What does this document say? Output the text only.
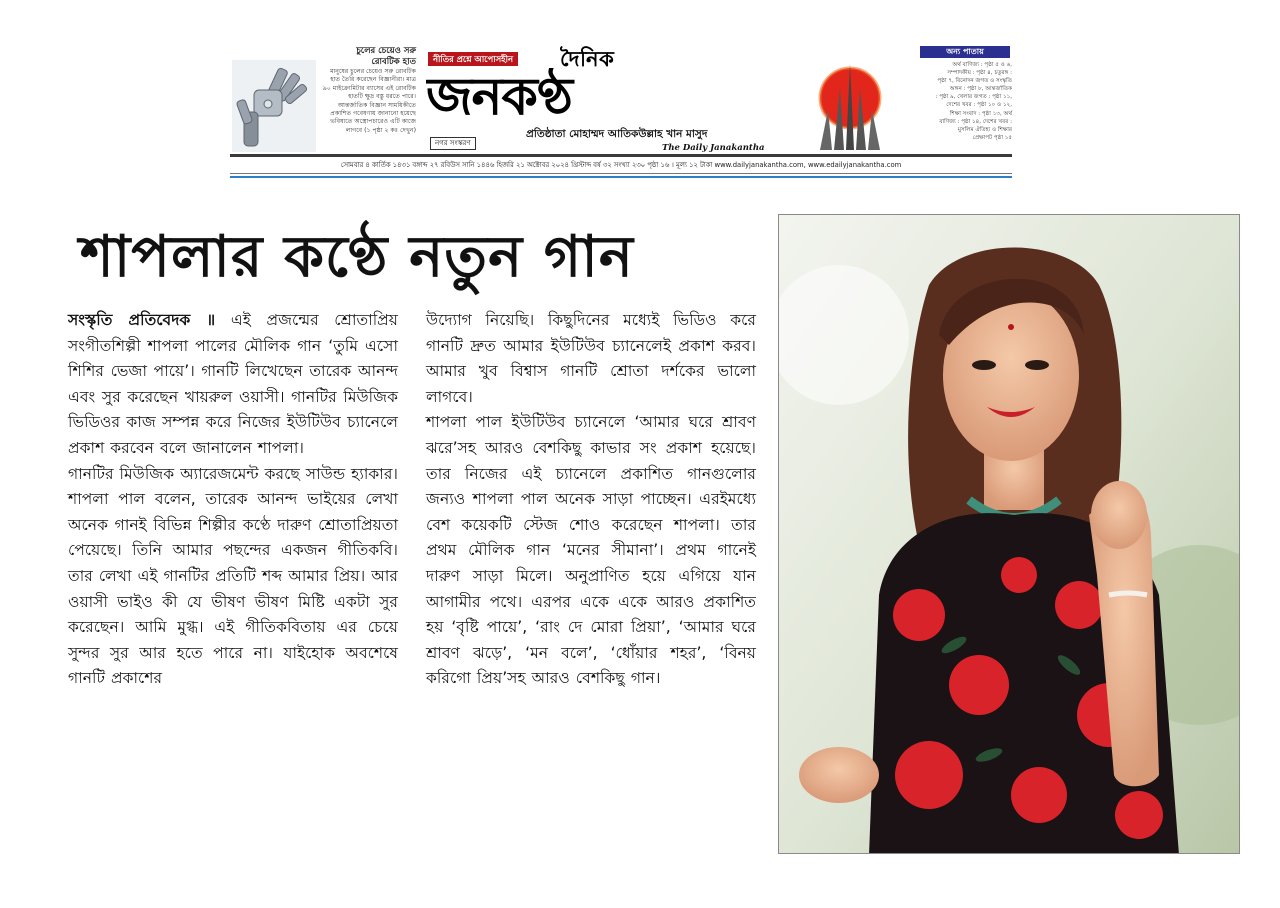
চুলের চেয়েও সরু
রোবটিক হাত
মানুষের চুলের চেয়েও সরু রোবটিক হাত তৈরি করেছেন বিজ্ঞানীরা। মাত্র ৯০ মাইক্রোমিটার ব্যাসের এই রোবটিক হাতটি ক্ষুদ্র বস্তু ধরতে পারে। আন্তর্জাতিক বিজ্ঞান সাময়িকীতে প্রকাশিত গবেষণায় জানানো হয়েছে ভবিষ্যতে অস্ত্রোপচারেও এটি কাজে লাগবে (১ পৃষ্ঠা ২ কঃ দেখুন)
নীতির প্রশ্নে আপোসহীন দৈনিক
জনকণ্ঠ
নগর সংস্করণ
প্রতিষ্ঠাতা মোহাম্মদ আতিকউল্লাহ খান মাসুদ
The Daily Janakantha
অন্য পাতায়
অর্থ বাণিজ্য : পৃষ্ঠা ৫ ও ৬,
সম্পাদকীয় : পৃষ্ঠা ৪, চতুরঙ্গ :
পৃষ্ঠা ৭, বিনোদন জগত ও সংস্কৃতি
অঙ্গন : পৃষ্ঠা ৮, আন্তর্জাতিক
: পৃষ্ঠা ৯, খেলার জগত : পৃষ্ঠা ১১,
দেশের খবর : পৃষ্ঠা ১০ ও ১২,
শিক্ষা সংবাদ : পৃষ্ঠা ১৩, অর্থ
বাণিজ্য : পৃষ্ঠা ১৪, দেশের খবর :
মুসলিম ঐতিহ্য ও শিক্ষার
প্রেক্ষাপট পৃষ্ঠা ১৫
সোমবার ৪ কার্তিক ১৪৩১ বঙ্গাব্দ ২৭ রবিউস সানি ১৪৪৬ হিজরি ২১ অক্টোবর ২০২৪ খ্রিস্টাব্দ বর্ষ ৩২ সংখ্যা ২৩০ পৃষ্ঠা ১৬ । মূল্য ১২ টাকা www.dailyjanakantha.com, www.edailyjanakantha.com
শাপলার কণ্ঠে নতুন গান

সংস্কৃতি প্রতিবেদক ॥ এই প্রজন্মের শ্রোতাপ্রিয় সংগীতশিল্পী শাপলা পালের মৌলিক গান ‘তুমি এসো শিশির ভেজা পায়ে’। গানটি লিখেছেন তারেক আনন্দ এবং সুর করেছেন খায়রুল ওয়াসী। গানটির মিউজিক ভিডিওর কাজ সম্পন্ন করে নিজের ইউটিউব চ্যানেলে প্রকাশ করবেন বলে জানালেন শাপলা।

গানটির মিউজিক অ্যারেজমেন্ট করছে সাউন্ড হ্যাকার। শাপলা পাল বলেন, তারেক আনন্দ ভাইয়ের লেখা অনেক গানই বিভিন্ন শিল্পীর কণ্ঠে দারুণ শ্রোতাপ্রিয়তা পেয়েছে। তিনি আমার পছন্দের একজন গীতিকবি। তার লেখা এই গানটির প্রতিটি শব্দ আমার প্রিয়। আর ওয়াসী ভাইও কী যে ভীষণ ভীষণ মিষ্টি একটা সুর করেছেন। আমি মুগ্ধ। এই গীতিকবিতায় এর চেয়ে সুন্দর সুর আর হতে পারে না। যাইহোক অবশেষে গানটি প্রকাশের

উদ্যোগ নিয়েছি। কিছুদিনের মধ্যেই ভিডিও করে গানটি দ্রুত আমার ইউটিউব চ্যানেলেই প্রকাশ করব। আমার খুব বিশ্বাস গানটি শ্রোতা দর্শকের ভালো লাগবে।

শাপলা পাল ইউটিউব চ্যানেলে ‘আমার ঘরে শ্রাবণ ঝরে’সহ আরও বেশকিছু কাভার সং প্রকাশ হয়েছে। তার নিজের এই চ্যানেলে প্রকাশিত গানগুলোর জন্যও শাপলা পাল অনেক সাড়া পাচ্ছেন। এরইমধ্যে বেশ কয়েকটি স্টেজ শোও করেছেন শাপলা। তার প্রথম মৌলিক গান ‘মনের সীমানা’। প্রথম গানেই দারুণ সাড়া মিলে। অনুপ্রাণিত হয়ে এগিয়ে যান আগামীর পথে। এরপর একে একে আরও প্রকাশিত হয় ‘বৃষ্টি পায়ে’, ‘রাং দে মোরা প্রিয়া’, ‘আমার ঘরে শ্রাবণ ঝড়ে’, ‘মন বলে’, ‘ধোঁয়ার শহর’, ‘বিনয় করিগো প্রিয়’সহ আরও বেশকিছু গান।
